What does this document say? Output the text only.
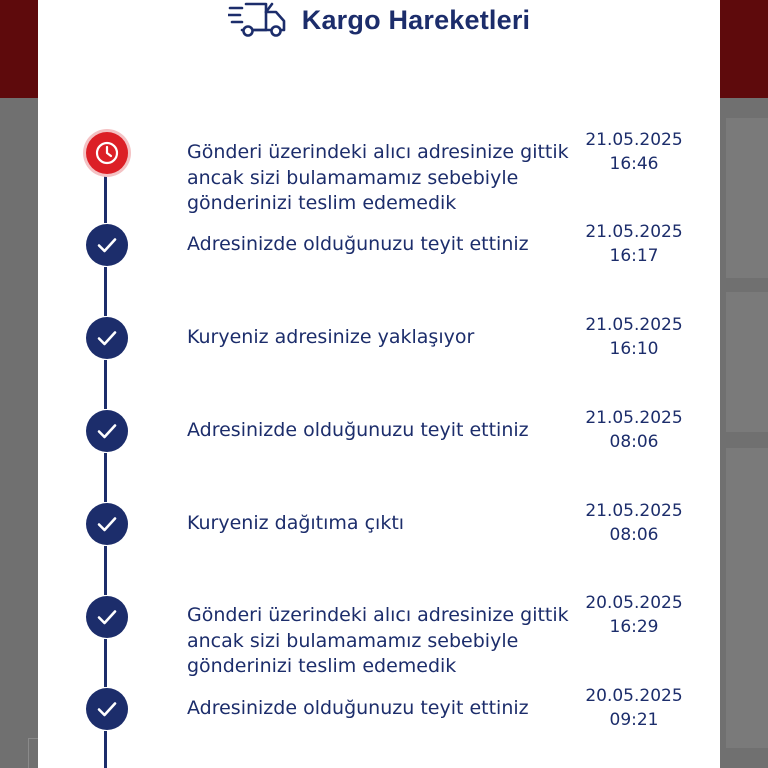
Kargo Hareketleri
Gönderi üzerindeki alıcı adresinize gittik ancak sizi bulamamamız sebebiyle gönderinizi teslim edemedik
21.05.2025
16:46
Adresinizde olduğunuzu teyit ettiniz
21.05.2025
16:17
Kuryeniz adresinize yaklaşıyor
21.05.2025
16:10
Adresinizde olduğunuzu teyit ettiniz
21.05.2025
08:06
Kuryeniz dağıtıma çıktı
21.05.2025
08:06
Gönderi üzerindeki alıcı adresinize gittik ancak sizi bulamamamız sebebiyle gönderinizi teslim edemedik
20.05.2025
16:29
Adresinizde olduğunuzu teyit ettiniz
20.05.2025
09:21
